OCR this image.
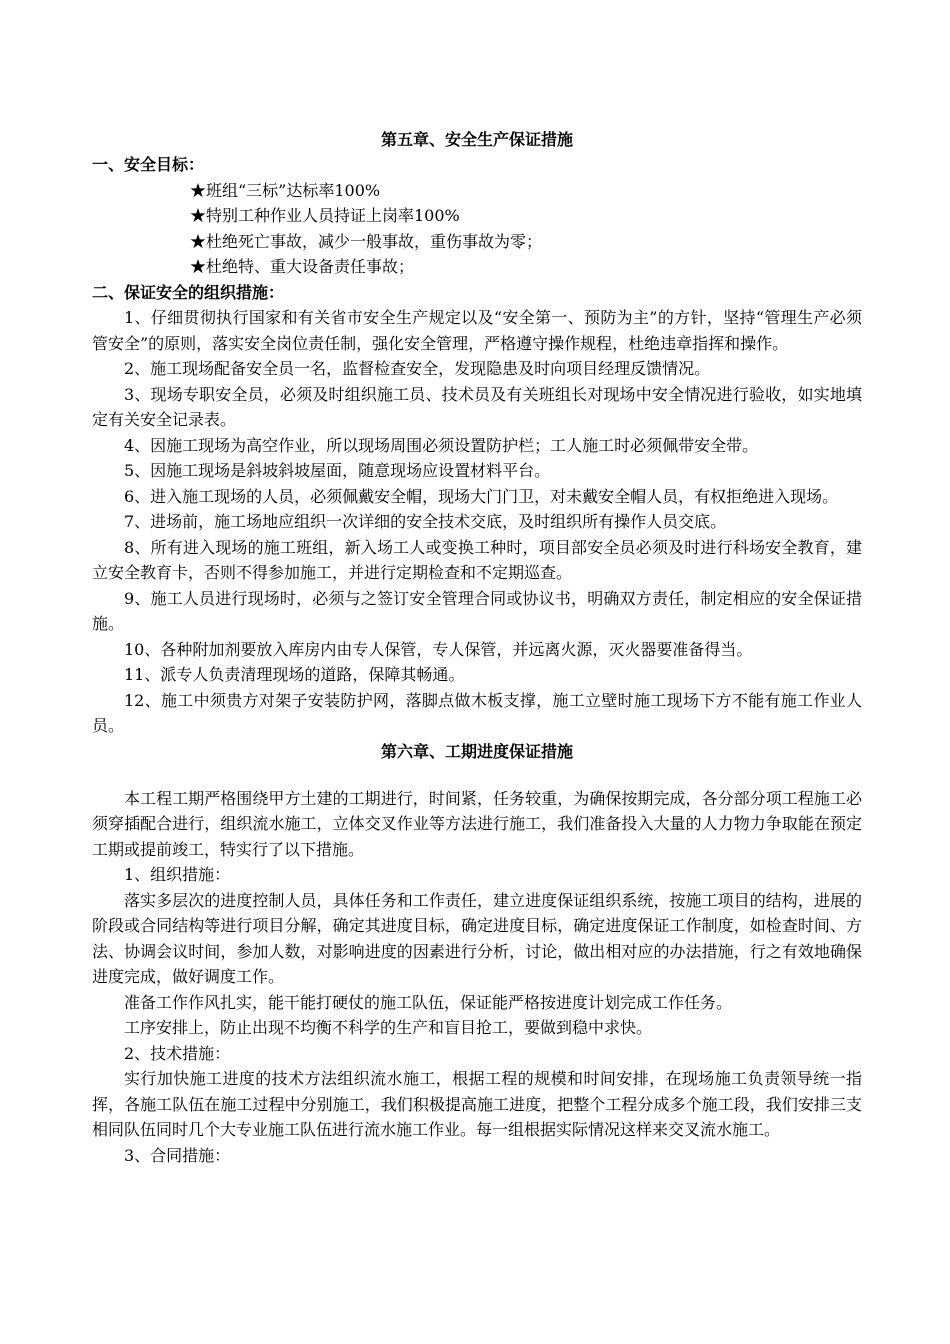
第五章、安全生产保证措施
一、安全目标：
★班组“三标”达标率100%
★特别工种作业人员持证上岗率100%
★杜绝死亡事故，减少一般事故，重伤事故为零；
★杜绝特、重大设备责任事故；
二、保证安全的组织措施：
1、仔细贯彻执行国家和有关省市安全生产规定以及“安全第一、预防为主”的方针，坚持“管理生产必须管安全”的原则，落实安全岗位责任制，强化安全管理，严格遵守操作规程，杜绝违章指挥和操作。
2、施工现场配备安全员一名，监督检查安全，发现隐患及时向项目经理反馈情况。
3、现场专职安全员，必须及时组织施工员、技术员及有关班组长对现场中安全情况进行验收，如实地填定有关安全记录表。
4、因施工现场为高空作业，所以现场周围必须设置防护栏；工人施工时必须佩带安全带。
5、因施工现场是斜坡斜坡屋面，随意现场应设置材料平台。
6、进入施工现场的人员，必须佩戴安全帽，现场大门门卫，对未戴安全帽人员，有权拒绝进入现场。
7、进场前，施工场地应组织一次详细的安全技术交底，及时组织所有操作人员交底。
8、所有进入现场的施工班组，新入场工人或变换工种时，项目部安全员必须及时进行科场安全教育，建立安全教育卡，否则不得参加施工，并进行定期检查和不定期巡查。
9、施工人员进行现场时，必须与之签订安全管理合同或协议书，明确双方责任，制定相应的安全保证措施。
10、各种附加剂要放入库房内由专人保管，专人保管，并远离火源，灭火器要准备得当。
11、派专人负责清理现场的道路，保障其畅通。
12、施工中须贵方对架子安装防护网，落脚点做木板支撑，施工立壁时施工现场下方不能有施工作业人员。
第六章、工期进度保证措施
本工程工期严格围绕甲方土建的工期进行，时间紧，任务较重，为确保按期完成，各分部分项工程施工必须穿插配合进行，组织流水施工，立体交叉作业等方法进行施工，我们准备投入大量的人力物力争取能在预定工期或提前竣工，特实行了以下措施。
1、组织措施：
落实多层次的进度控制人员，具体任务和工作责任，建立进度保证组织系统，按施工项目的结构，进展的阶段或合同结构等进行项目分解，确定其进度目标，确定进度目标，确定进度保证工作制度，如检查时间、方法、协调会议时间，参加人数，对影响进度的因素进行分析，讨论，做出相对应的办法措施，行之有效地确保进度完成，做好调度工作。
准备工作作风扎实，能干能打硬仗的施工队伍，保证能严格按进度计划完成工作任务。
工序安排上，防止出现不均衡不科学的生产和盲目抢工，要做到稳中求快。
2、技术措施：
实行加快施工进度的技术方法组织流水施工，根据工程的规模和时间安排，在现场施工负责领导统一指挥，各施工队伍在施工过程中分别施工，我们积极提高施工进度，把整个工程分成多个施工段，我们安排三支相同队伍同时几个大专业施工队伍进行流水施工作业。每一组根据实际情况这样来交叉流水施工。
3、合同措施：
